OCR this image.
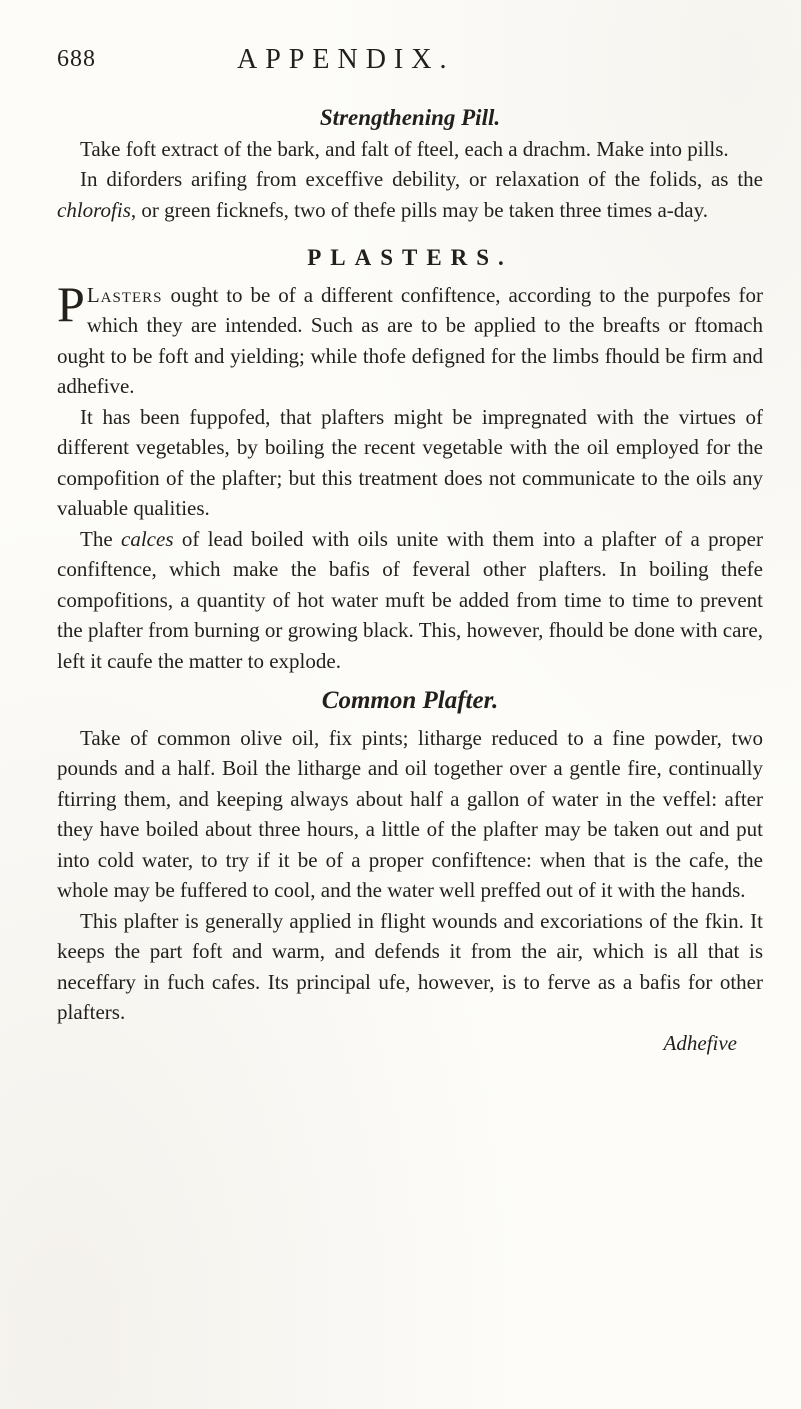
688	APPENDIX.
Strengthening Pill.

Take foft extract of the bark, and falt of fteel, each a drachm. Make into pills.

In diforders arifing from exceffive debility, or relaxation of the folids, as the chlorofis, or green ficknefs, two of thefe pills may be taken three times a-day.

PLASTERS.

P Lasters ought to be of a different confiftence, according to the purpofes for which they are intended. Such as are to be applied to the breafts or ftomach ought to be foft and yielding; while thofe defigned for the limbs fhould be firm and adhefive.

It has been fuppofed, that plafters might be impregnated with the virtues of different vegetables, by boiling the recent vegetable with the oil employed for the compofition of the plafter; but this treatment does not communicate to the oils any valuable qualities.

The calces of lead boiled with oils unite with them into a plafter of a proper confiftence, which make the bafis of feveral other plafters. In boiling thefe compofitions, a quantity of hot water muft be added from time to time to prevent the plafter from burning or growing black. This, however, fhould be done with care, left it caufe the matter to explode.

Common Plafter.

Take of common olive oil, fix pints; litharge reduced to a fine powder, two pounds and a half. Boil the litharge and oil together over a gentle fire, continually ftirring them, and keeping always about half a gallon of water in the veffel: after they have boiled about three hours, a little of the plafter may be taken out and put into cold water, to try if it be of a proper confiftence: when that is the cafe, the whole may be fuffered to cool, and the water well preffed out of it with the hands.

This plafter is generally applied in flight wounds and excoriations of the fkin. It keeps the part foft and warm, and defends it from the air, which is all that is neceffary in fuch cafes. Its principal ufe, however, is to ferve as a bafis for other plafters.

Adhefive
